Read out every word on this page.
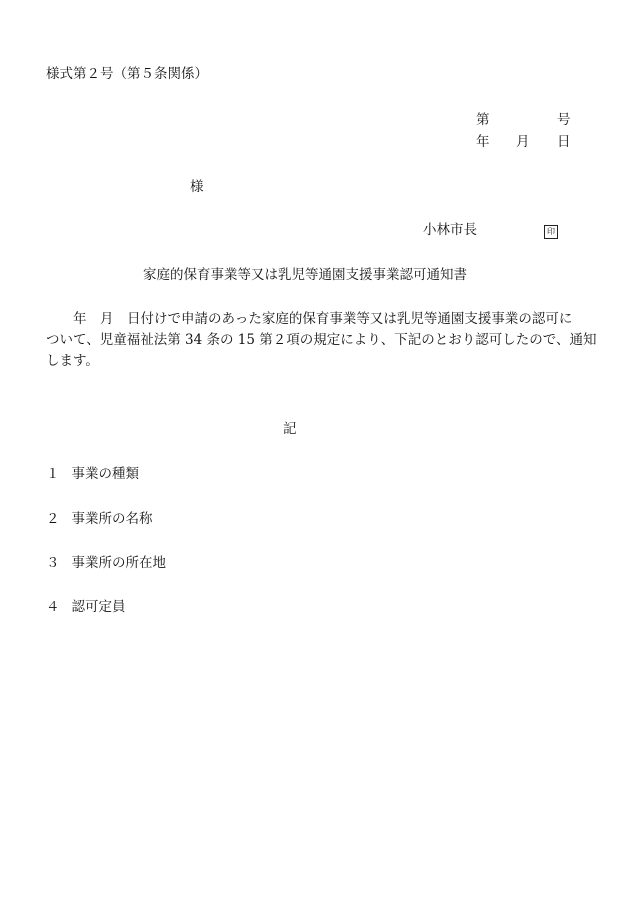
様式第２号（第５条関係）
第	号
年 月 日
様
小林市長	印
家庭的保育事業等又は乳児等通園支援事業認可通知書
　　年　月　日付けで申請のあった家庭的保育事業等又は乳児等通園支援事業の認可に
ついて、児童福祉法第 34 条の 15 第２項の規定により、下記のとおり認可したので、通知
します。
記
１ 事業の種類
２ 事業所の名称
３ 事業所の所在地
４ 認可定員
